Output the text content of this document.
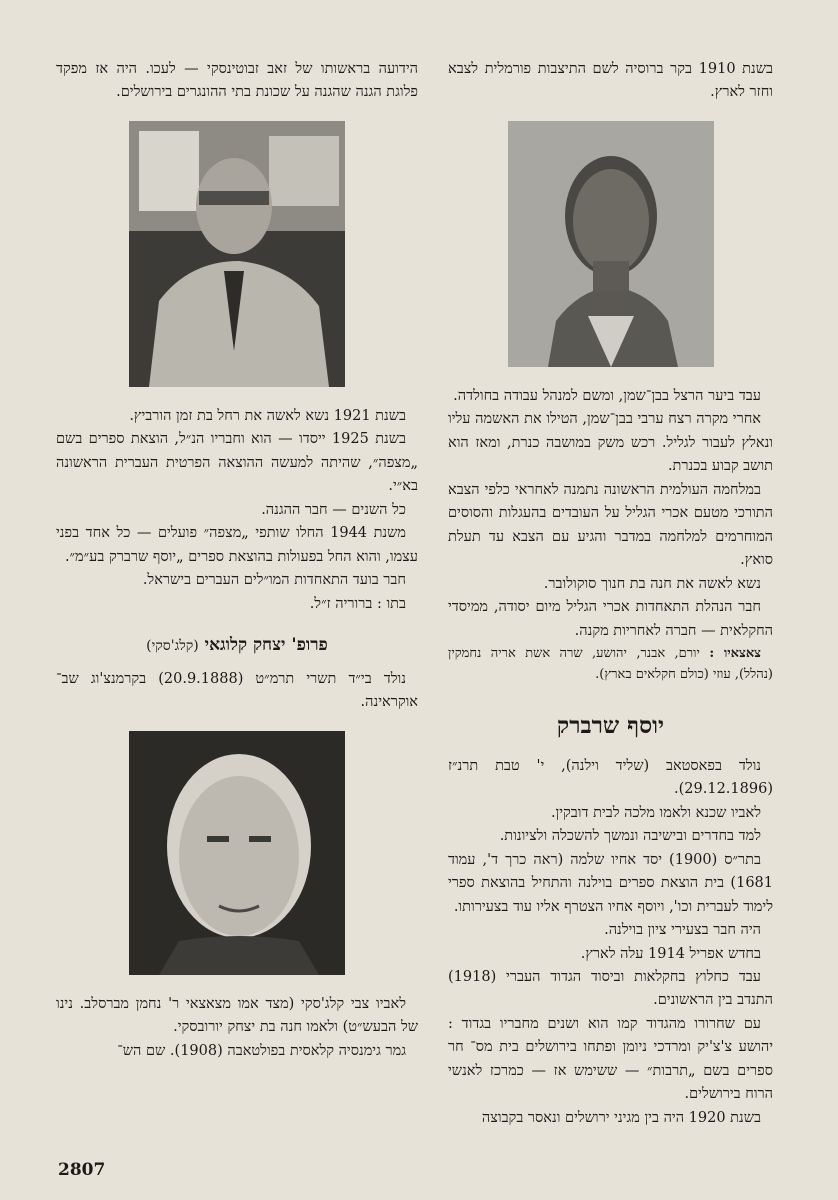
בשנת 1910 בקר ברוסיה לשם התיצבות פורמלית לצבא וחזר לארץ.

עבד ביער הרצל בבן־שמן, ומשם למנהל עבודה בחולדה.

אחרי מקרה רצח ערבי בבן־שמן, הטילו את האשמה עליו ונאלץ לעבור לגליל. רכש משק במושבה כנרת, ומאז הוא תושב קבוע בכנרת.

במלחמה העולמית הראשונה נתמנה לאחראי כלפי הצבא התורכי מטעם אכרי הגליל על העובדים בהעגלות והסוסים המוחרמים למלחמה במדבר והגיע עם הצבא עד תעלת סואץ.

נשא לאשה את חנה בת חנוך סוקולובר.

חבר הנהלת התאחדות אכרי הגליל מיום יסודה, ממיסדי החקלאית — חברה לאחריות מקנה.

צאצאיו : יורם, אבנר, יהושע, שרה אשת אריה נחמקין (נהלל), עוזי (כולם חקלאים בארץ).

יוסף שרברק

נולד בפאסטאב (שליד וילנה), י' טבת תרנ״ז (29.12.1896).

לאביו שכנא ולאמו מלכה לבית דובקין.

למד בחדרים ובישיבה ונמשך להשכלה ולציונות.

בתר״ס (1900) יסד אחיו שלמה (ראה כרך ד', עמוד 1681) בית הוצאת ספרים בוילנה והתחיל בהוצאת ספרי לימוד לעברית וכו', ויוסף אחיו הצטרף אליו עוד בצעירותו.

היה חבר בצעירי ציון בוילנה.

בחדש אפריל 1914 עלה לארץ.

עבד כחלוץ בחקלאות וביסוד הגדוד העברי (1918) התנדב בין הראשונים.

עם שחרורו מהגדוד קמו הוא ושנים מחבריו בגדוד : יהושע צ'צ'יק ומרדכי ניומן ופתחו בירושלים בית מס־ חר ספרים בשם „תרבות״ — ששימש אז — כמרכז לאנשי הרוח בירושלים.

בשנת 1920 היה בין מגיני ירושלים ונאסר בקבוצה

הידועה בראשותו של זאב זבוטינסקי — לעכו. היה אז מפקד פלוגת הגנה שהגנה על שכונת בתי ההונגרים בירושלים.

בשנת 1921 נשא לאשה את רחל בת זמן הורביץ.

בשנת 1925 ייסדו — הוא וחבריו הנ״ל, הוצאת ספרים בשם „מצפה״, שהיתה למעשה ההוצאה הפרטית העברית הראשונה בא״י.

כל השנים — חבר ההגנה.

משנת 1944 החלו שותפי „מצפה״ פועלים — כל אחד בפני עצמו, והוא החל בפעולות בהוצאת ספרים „יוסף שרברק בע״מ״.

חבר בועד התאחדות המו״לים העברים בישראל.

בתו : ברוריה ז״ל.

פרופ' יצחק קלוגאי (קלג'סקי)

נולד בי״ד תשרי תרמ״ט (20.9.1888) בקרמנצ'וג שב־ אוקראינה.

לאביו צבי קלג'סקי (מצד אמו מצאצאי ר' נחמן מברסלב. נינו של הבעש״ט) ולאמו חנה בת יצחק יורובסקי.

גמר גימנסיה קלאסית בפולטאבה (1908). שם הש־

2807
